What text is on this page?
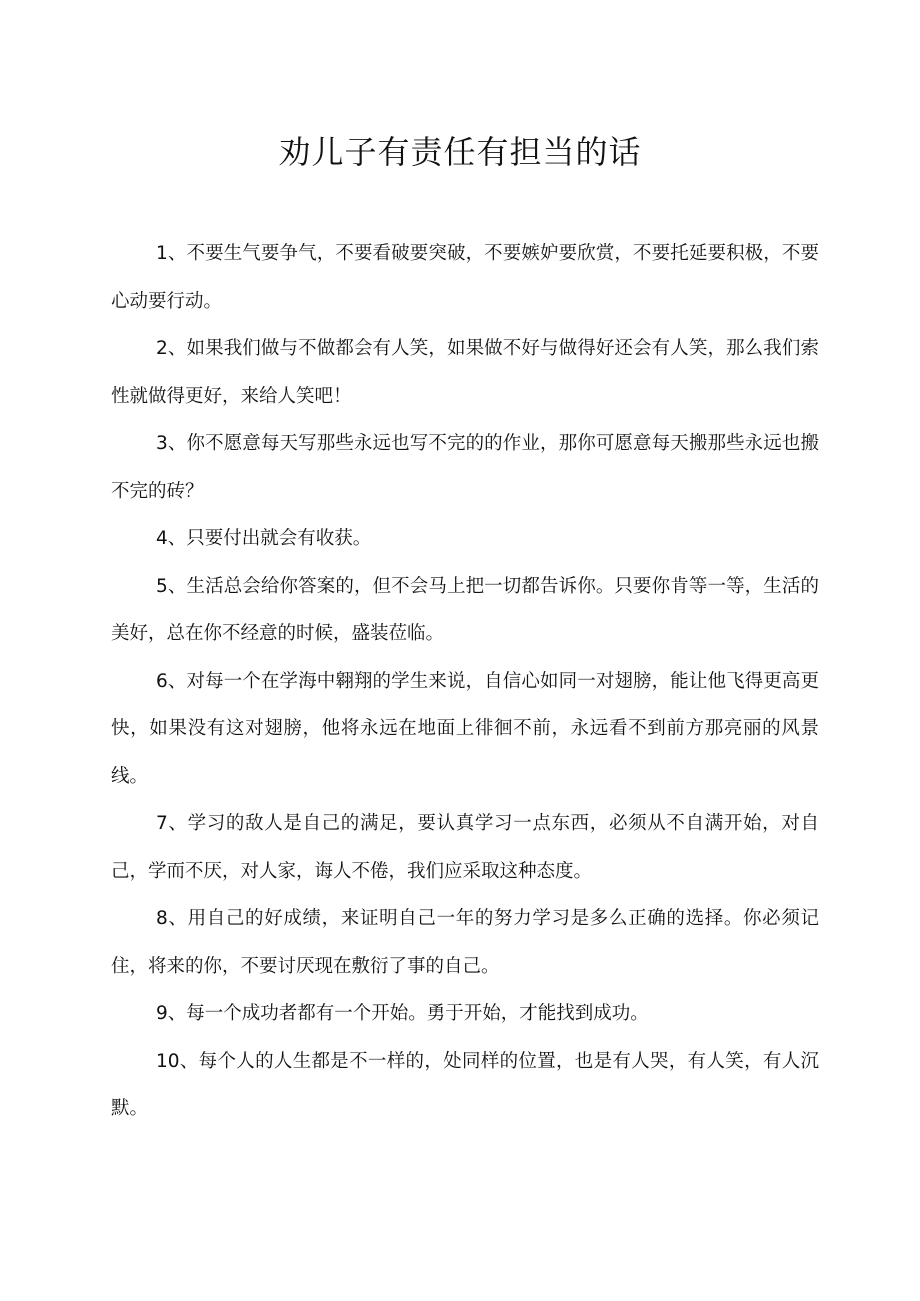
劝儿子有责任有担当的话

1、不要生气要争气，不要看破要突破，不要嫉妒要欣赏，不要托延要积极，不要心动要行动。

2、如果我们做与不做都会有人笑，如果做不好与做得好还会有人笑，那么我们索性就做得更好，来给人笑吧！

3、你不愿意每天写那些永远也写不完的的作业，那你可愿意每天搬那些永远也搬不完的砖？

4、只要付出就会有收获。

5、生活总会给你答案的，但不会马上把一切都告诉你。只要你肯等一等，生活的美好，总在你不经意的时候，盛装莅临。

6、对每一个在学海中翱翔的学生来说，自信心如同一对翅膀，能让他飞得更高更快，如果没有这对翅膀，他将永远在地面上徘徊不前，永远看不到前方那亮丽的风景线。

7、学习的敌人是自己的满足，要认真学习一点东西，必须从不自满开始，对自己，学而不厌，对人家，诲人不倦，我们应采取这种态度。

8、用自己的好成绩，来证明自己一年的努力学习是多么正确的选择。你必须记住，将来的你，不要讨厌现在敷衍了事的自己。

9、每一个成功者都有一个开始。勇于开始，才能找到成功。

10、每个人的人生都是不一样的，处同样的位置，也是有人哭，有人笑，有人沉默。
